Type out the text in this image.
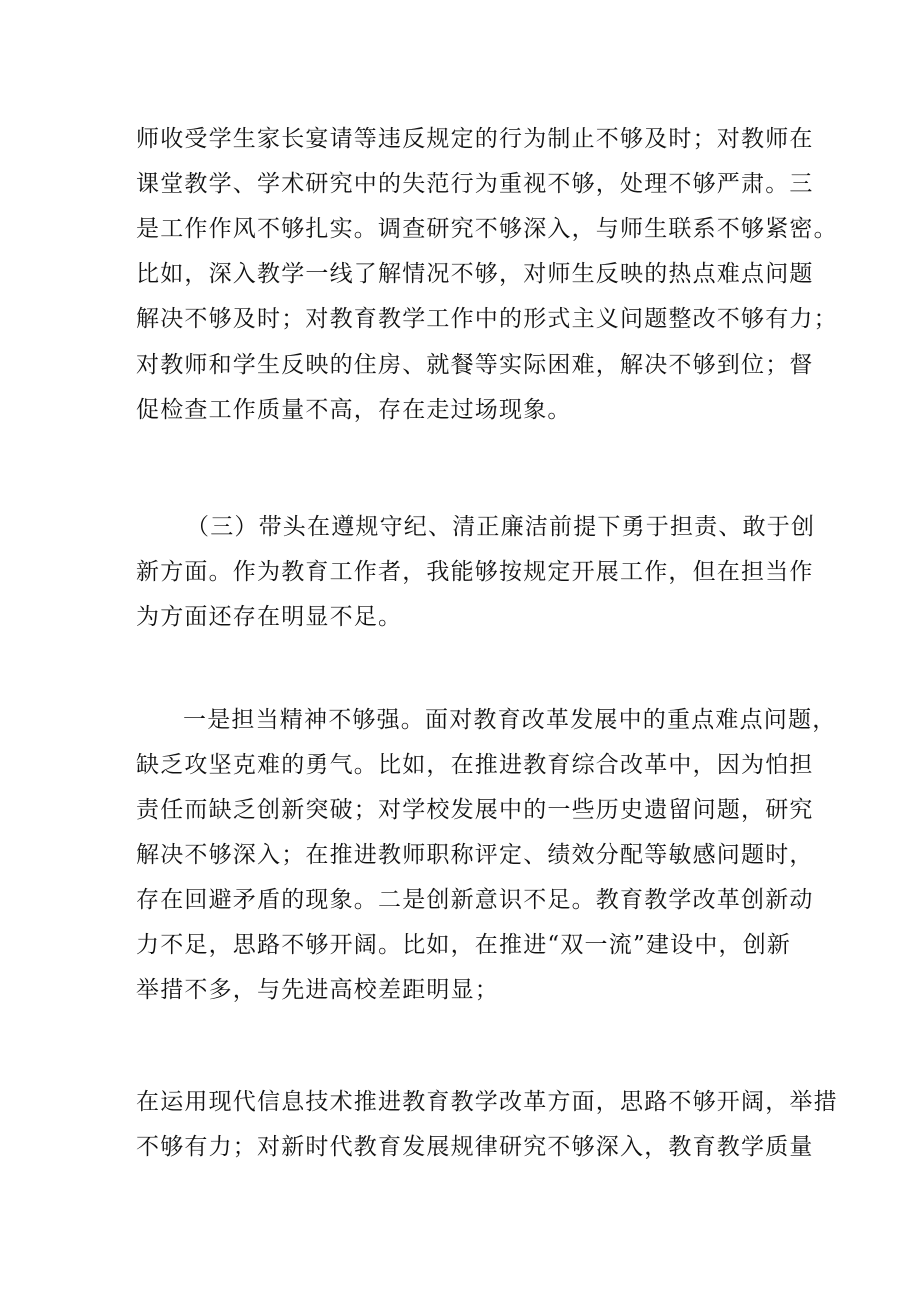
师收受学生家长宴请等违反规定的行为制止不够及时；对教师在
课堂教学、学术研究中的失范行为重视不够，处理不够严肃。三
是工作作风不够扎实。调查研究不够深入，与师生联系不够紧密。
比如，深入教学一线了解情况不够，对师生反映的热点难点问题
解决不够及时；对教育教学工作中的形式主义问题整改不够有力；
对教师和学生反映的住房、就餐等实际困难，解决不够到位；督
促检查工作质量不高，存在走过场现象。
（三）带头在遵规守纪、清正廉洁前提下勇于担责、敢于创
新方面。作为教育工作者，我能够按规定开展工作，但在担当作
为方面还存在明显不足。
一是担当精神不够强。面对教育改革发展中的重点难点问题，
缺乏攻坚克难的勇气。比如，在推进教育综合改革中，因为怕担
责任而缺乏创新突破；对学校发展中的一些历史遗留问题，研究
解决不够深入；在推进教师职称评定、绩效分配等敏感问题时，
存在回避矛盾的现象。二是创新意识不足。教育教学改革创新动
力不足，思路不够开阔。比如，在推进“双一流”建设中，创新
举措不多，与先进高校差距明显；
在运用现代信息技术推进教育教学改革方面，思路不够开阔，举措
不够有力；对新时代教育发展规律研究不够深入，教育教学质量
